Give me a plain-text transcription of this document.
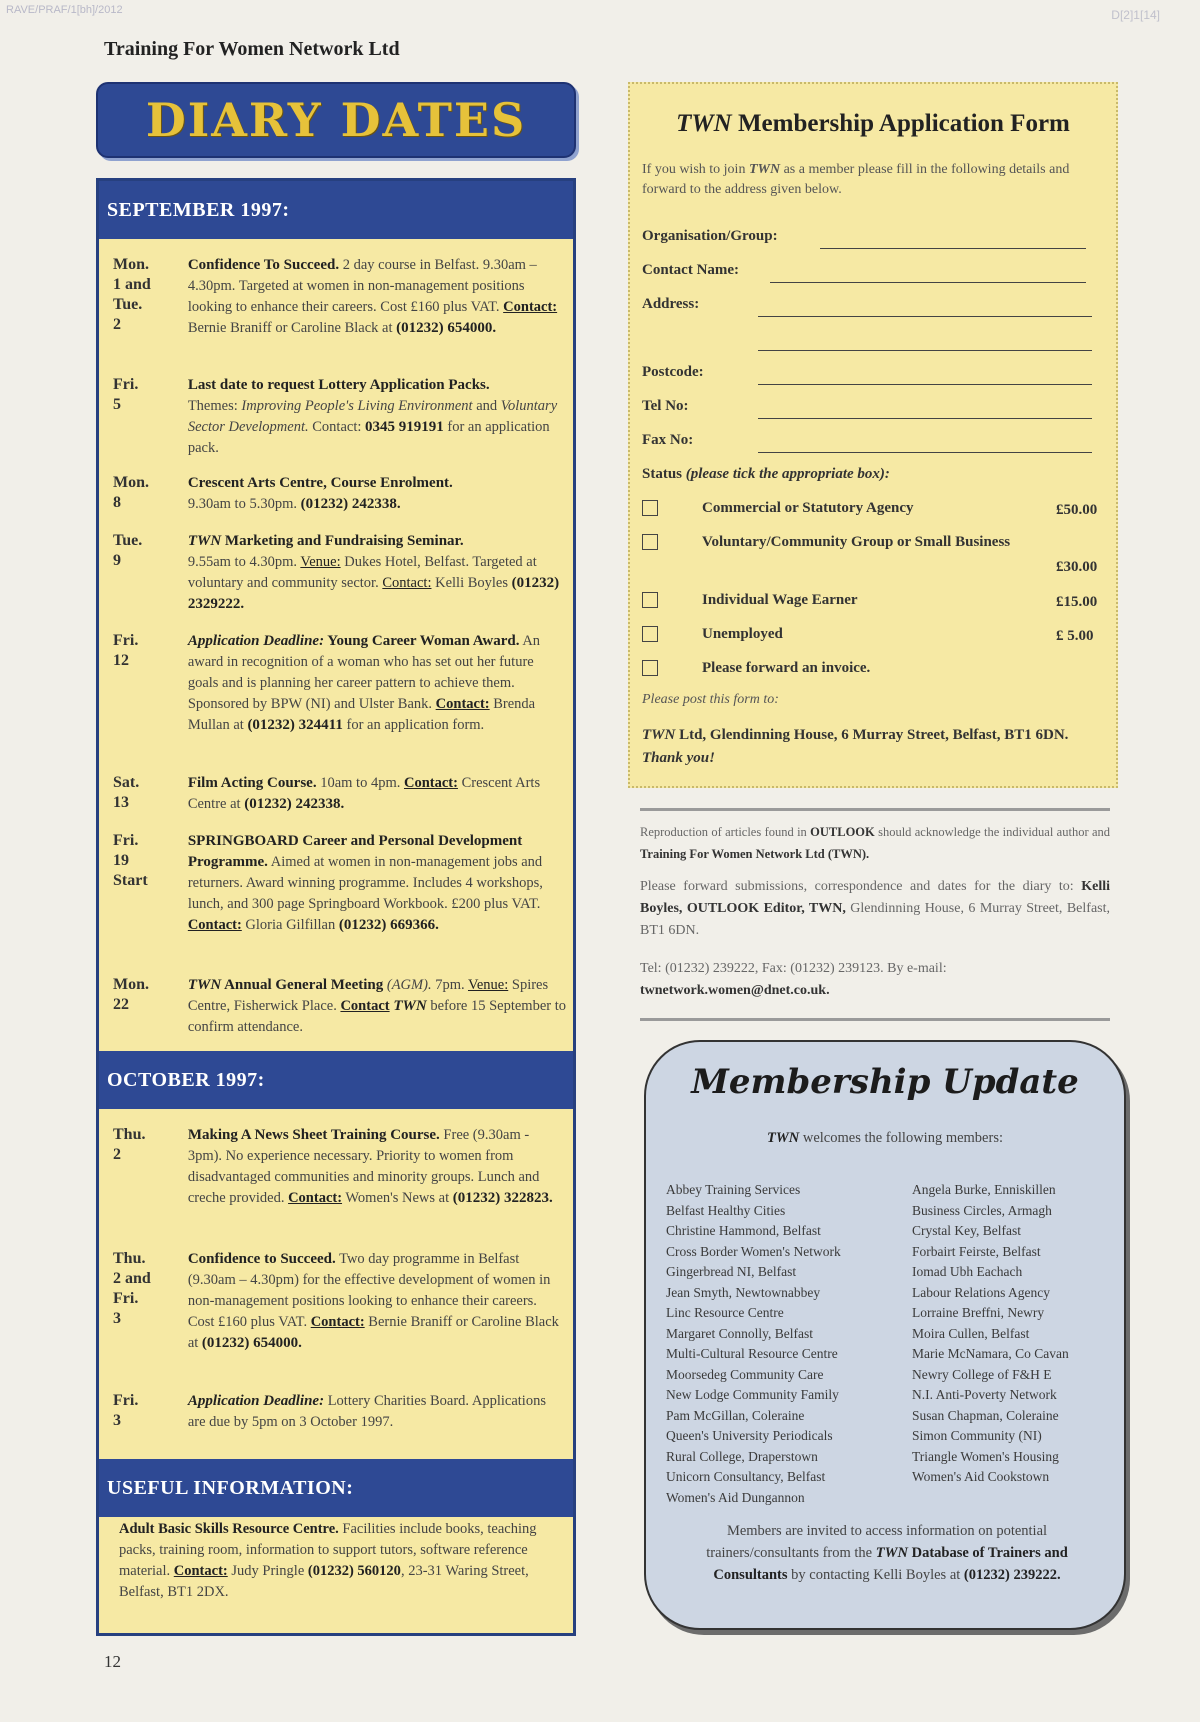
RAVE/PRAF/1[bh]/2012	D[2]1[14]
Training For Women Network Ltd
DIARY DATES
SEPTEMBER 1997:
Mon.
1 and
Tue.
2
Confidence To Succeed. 2 day course in Belfast. 9.30am – 4.30pm. Targeted at women in non-management positions looking to enhance their careers. Cost £160 plus VAT. Contact: Bernie Braniff or Caroline Black at (01232) 654000.
Fri.
5
Last date to request Lottery Application Packs.
Themes: Improving People's Living Environment and Voluntary Sector Development. Contact: 0345 919191 for an application pack.
Mon.
8
Crescent Arts Centre, Course Enrolment.
9.30am to 5.30pm. (01232) 242338.
Tue.
9
TWN Marketing and Fundraising Seminar.
9.55am to 4.30pm. Venue: Dukes Hotel, Belfast. Targeted at voluntary and community sector. Contact: Kelli Boyles (01232) 2329222.
Fri.
12
Application Deadline: Young Career Woman Award. An award in recognition of a woman who has set out her future goals and is planning her career pattern to achieve them. Sponsored by BPW (NI) and Ulster Bank. Contact: Brenda Mullan at (01232) 324411 for an application form.
Sat.
13
Film Acting Course. 10am to 4pm. Contact: Crescent Arts Centre at (01232) 242338.
Fri.
19
Start
SPRINGBOARD Career and Personal Development Programme. Aimed at women in non-management jobs and returners. Award winning programme. Includes 4 workshops, lunch, and 300 page Springboard Workbook. £200 plus VAT. Contact: Gloria Gilfillan (01232) 669366.
Mon.
22
TWN Annual General Meeting (AGM). 7pm. Venue: Spires Centre, Fisherwick Place. Contact TWN before 15 September to confirm attendance.
OCTOBER 1997:
Thu.
2
Making A News Sheet Training Course. Free (9.30am - 3pm). No experience necessary. Priority to women from disadvantaged communities and minority groups. Lunch and creche provided. Contact: Women's News at (01232) 322823.
Thu.
2 and
Fri.
3
Confidence to Succeed. Two day programme in Belfast (9.30am – 4.30pm) for the effective development of women in non-management positions looking to enhance their careers. Cost £160 plus VAT. Contact: Bernie Braniff or Caroline Black at (01232) 654000.
Fri.
3
Application Deadline: Lottery Charities Board. Applications are due by 5pm on 3 October 1997.
USEFUL INFORMATION:
Adult Basic Skills Resource Centre. Facilities include books, teaching packs, training room, information to support tutors, software reference material. Contact: Judy Pringle (01232) 560120, 23-31 Waring Street, Belfast, BT1 2DX.
12
TWN Membership Application Form
If you wish to join TWN as a member please fill in the following details and forward to the address given below.
Organisation/Group:
Contact Name:
Address:
Postcode:
Tel No:
Fax No:
Status (please tick the appropriate box):
Commercial or Statutory Agency	£50.00
Voluntary/Community Group or Small Business
£30.00
Individual Wage Earner	£15.00
Unemployed	£ 5.00
Please forward an invoice.
Please post this form to:
TWN Ltd, Glendinning House, 6 Murray Street, Belfast, BT1 6DN.  Thank you!
Reproduction of articles found in OUTLOOK should acknowledge the individual author and Training For Women Network Ltd (TWN).
Please forward submissions, correspondence and dates for the diary to: Kelli Boyles, OUTLOOK Editor, TWN, Glendinning House, 6 Murray Street, Belfast, BT1 6DN.
Tel: (01232) 239222, Fax: (01232) 239123. By e-mail:
twnetwork.women@dnet.co.uk.
Membership Update
TWN welcomes the following members:
Abbey Training Services
Belfast Healthy Cities
Christine Hammond, Belfast
Cross Border Women's Network
Gingerbread NI, Belfast
Jean Smyth, Newtownabbey
Linc Resource Centre
Margaret Connolly, Belfast
Multi-Cultural Resource Centre
Moorsedeg Community Care
New Lodge Community Family
Pam McGillan, Coleraine
Queen's University Periodicals
Rural College, Draperstown
Unicorn Consultancy, Belfast
Women's Aid Dungannon
Angela Burke, Enniskillen
Business Circles, Armagh
Crystal Key, Belfast
Forbairt Feirste, Belfast
Iomad Ubh Eachach
Labour Relations Agency
Lorraine Breffni, Newry
Moira Cullen, Belfast
Marie McNamara, Co Cavan
Newry College of F&H E
N.I. Anti-Poverty Network
Susan Chapman, Coleraine
Simon Community (NI)
Triangle Women's Housing
Women's Aid Cookstown
Members are invited to access information on potential trainers/consultants from the TWN Database of Trainers and Consultants by contacting Kelli Boyles at (01232) 239222.
